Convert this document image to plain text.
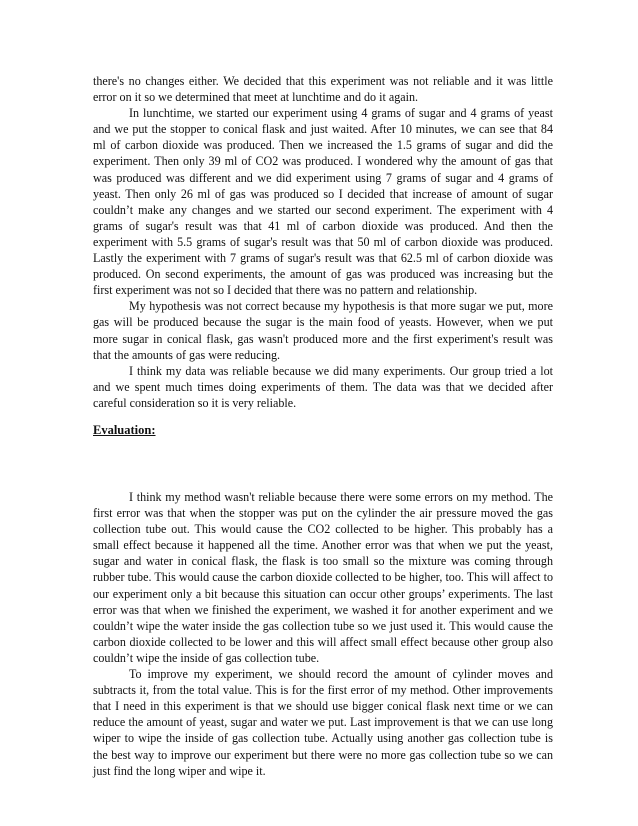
there's no changes either. We decided that this experiment was not reliable and it was little error on it so we determined that meet at lunchtime and do it again.

In lunchtime, we started our experiment using 4 grams of sugar and 4 grams of yeast and we put the stopper to conical flask and just waited. After 10 minutes, we can see that 84 ml of carbon dioxide was produced. Then we increased the 1.5 grams of sugar and did the experiment. Then only 39 ml of CO2 was produced. I wondered why the amount of gas that was produced was different and we did experiment using 7 grams of sugar and 4 grams of yeast. Then only 26 ml of gas was produced so I decided that increase of amount of sugar couldn’t make any changes and we started our second experiment. The experiment with 4 grams of sugar's result was that 41 ml of carbon dioxide was produced. And then the experiment with 5.5 grams of sugar's result was that 50 ml of carbon dioxide was produced. Lastly the experiment with 7 grams of sugar's result was that 62.5 ml of carbon dioxide was produced. On second experiments, the amount of gas was produced was increasing but the first experiment was not so I decided that there was no pattern and relationship.

My hypothesis was not correct because my hypothesis is that more sugar we put, more gas will be produced because the sugar is the main food of yeasts. However, when we put more sugar in conical flask, gas wasn't produced more and the first experiment's result was that the amounts of gas were reducing.

I think my data was reliable because we did many experiments. Our group tried a lot and we spent much times doing experiments of them. The data was that we decided after careful consideration so it is very reliable.

Evaluation:

I think my method wasn't reliable because there were some errors on my method. The first error was that when the stopper was put on the cylinder the air pressure moved the gas collection tube out. This would cause the CO2 collected to be higher. This probably has a small effect because it happened all the time. Another error was that when we put the yeast, sugar and water in conical flask, the flask is too small so the mixture was coming through rubber tube. This would cause the carbon dioxide collected to be higher, too. This will affect to our experiment only a bit because this situation can occur other groups’ experiments. The last error was that when we finished the experiment, we washed it for another experiment and we couldn’t wipe the water inside the gas collection tube so we just used it. This would cause the carbon dioxide collected to be lower and this will affect small effect because other group also couldn’t wipe the inside of gas collection tube.

To improve my experiment, we should record the amount of cylinder moves and subtracts it, from the total value. This is for the first error of my method. Other improvements that I need in this experiment is that we should use bigger conical flask next time or we can reduce the amount of yeast, sugar and water we put. Last improvement is that we can use long wiper to wipe the inside of gas collection tube. Actually using another gas collection tube is the best way to improve our experiment but there were no more gas collection tube so we can just find the long wiper and wipe it.
